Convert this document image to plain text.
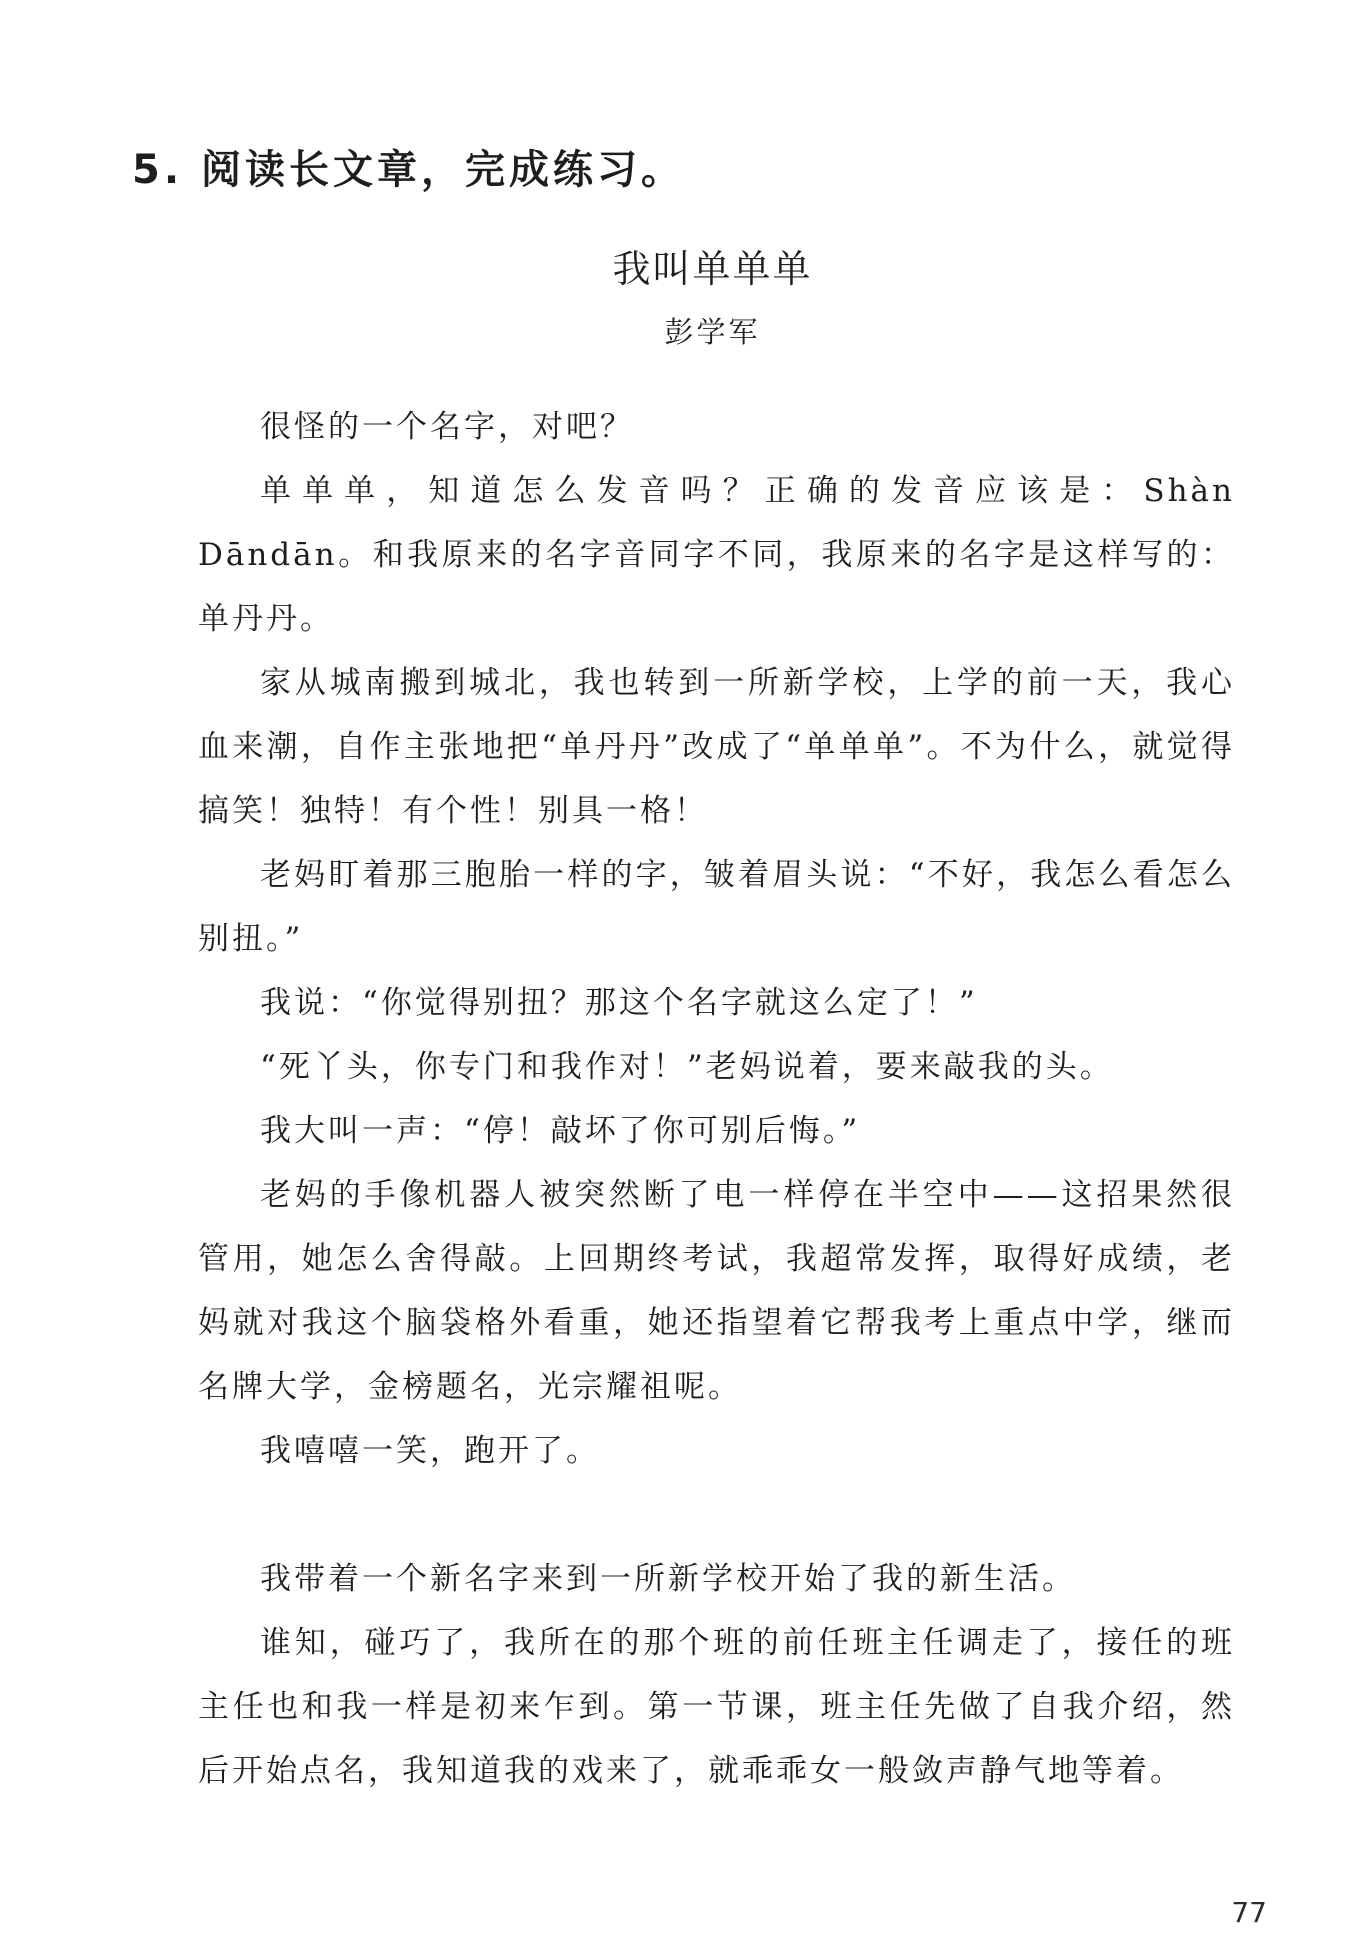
5. 阅读长文章，完成练习。
我叫单单单
彭学军

很怪的一个名字，对吧？

单单单，知道怎么发音吗？正确的发音应该是：Shàn Dāndān。和我原来的名字音同字不同，我原来的名字是这样写的：单丹丹。

家从城南搬到城北，我也转到一所新学校，上学的前一天，我心血来潮，自作主张地把“单丹丹”改成了“单单单”。不为什么，就觉得搞笑！独特！有个性！别具一格！

老妈盯着那三胞胎一样的字，皱着眉头说：“不好，我怎么看怎么别扭。”

我说：“你觉得别扭？那这个名字就这么定了！”

“死丫头，你专门和我作对！”老妈说着，要来敲我的头。

我大叫一声：“停！敲坏了你可别后悔。”

老妈的手像机器人被突然断了电一样停在半空中——这招果然很管用，她怎么舍得敲。上回期终考试，我超常发挥，取得好成绩，老妈就对我这个脑袋格外看重，她还指望着它帮我考上重点中学，继而名牌大学，金榜题名，光宗耀祖呢。

我嘻嘻一笑，跑开了。

我带着一个新名字来到一所新学校开始了我的新生活。

谁知，碰巧了，我所在的那个班的前任班主任调走了，接任的班主任也和我一样是初来乍到。第一节课，班主任先做了自我介绍，然后开始点名，我知道我的戏来了，就乖乖女一般敛声静气地等着。

77
